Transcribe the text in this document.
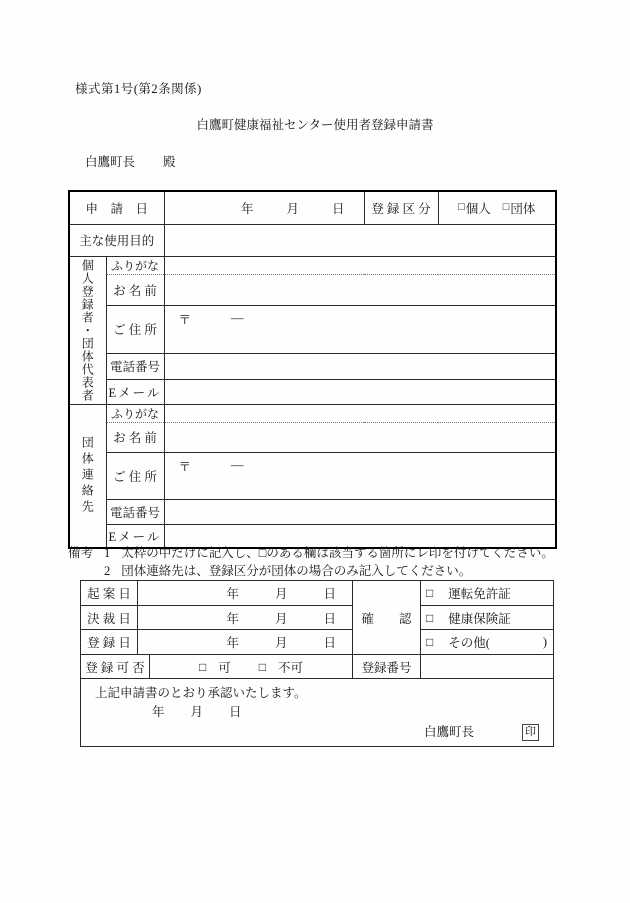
様式第1号(第2条関係)
白鷹町健康福祉センター使用者登録申請書
白鷹町長 殿
申　請　日		年 月 日	登 録 区 分	□ 個人 □ 団体

主な使用目的				
個人登録者・団体代表者	ふりがな			
	お 名 前			
	ご 住 所	〒 ―		

	電話番号			
	Eメール			
団体連絡先	ふりがな			
	お 名 前			
	ご 住 所	〒 ―		

	電話番号			
	Eメール			
備考 1 太枠の中だけに記入し、□のある欄は該当する箇所にレ印を付けてください。
2 団体連絡先は、登録区分が団体の場合のみ記入してください。
起 案 日	年 月 日		確　　認	□ 運転免許証

決 裁 日	年 月 日			□ 健康保険証

登 録 日	年 月 日			□ その他( )

登 録 可 否		□ 可 □ 不可	登録番号	

上記申請書のとおり承認いたします。
年 月 日
白鷹町長	印
